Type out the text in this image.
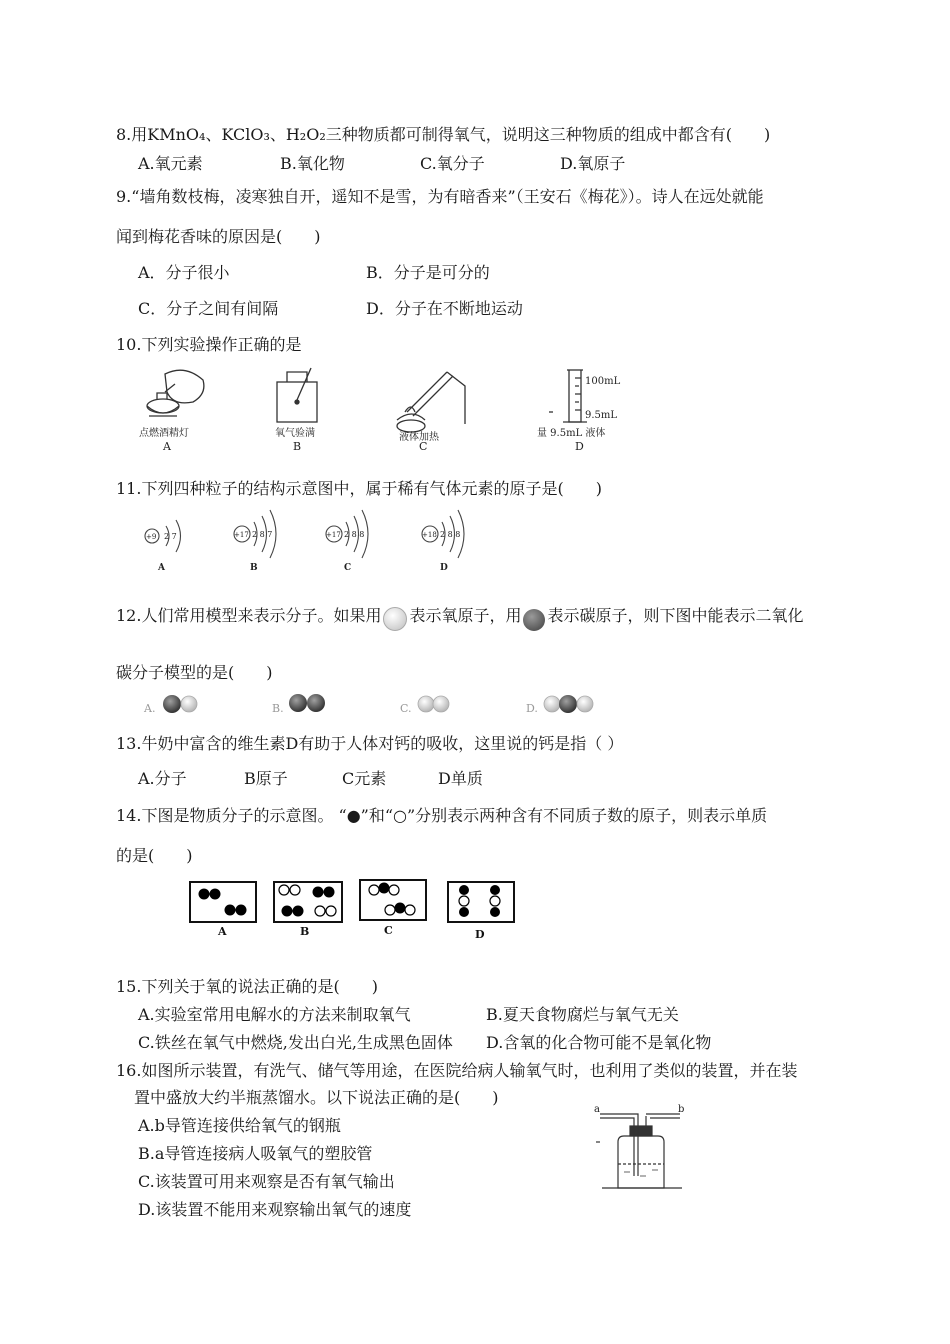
8.用KMnO₄、KClO₃、H₂O₂三种物质都可制得氧气，说明这三种物质的组成中都含有(　　)
A.氧元素	B.氧化物	C.氧分子	D.氧原子
9.“墙角数枝梅，凌寒独自开，遥知不是雪，为有暗香来”（王安石《梅花》）。诗人在远处就能
闻到梅花香味的原因是(　　)
A．分子很小	B．分子是可分的
C．分子之间有间隔	D．分子在不断地运动
10.下列实验操作正确的是
点燃酒精灯
A
氧气验满
B
液体加热
C
100mL
9.5mL
量 9.5mL 液体
D
11.下列四种粒子的结构示意图中，属于稀有气体元素的原子是(　　)
+9 2 7
A
+17 2 8 7
B
+17 2 8 8
C
+18 2 8 8
D
12.人们常用模型来表示分子。如果用 表示氧原子，用 表示碳原子，则下图中能表示二氧化
碳分子模型的是(　　)
A.	B.	C.	D.
13.牛奶中富含的维生素D有助于人体对钙的吸收，这里说的钙是指（ ）
A.分子	B原子	C元素	D单质
14.下图是物质分子的示意图。 “●”和“○”分别表示两种含有不同质子数的原子，则表示单质
的是(　　)
A	B	C	D
15.下列关于氧的说法正确的是(　　)
A.实验室常用电解水的方法来制取氧气	B.夏天食物腐烂与氧气无关
C.铁丝在氧气中燃烧,发出白光,生成黑色固体 D.含氧的化合物可能不是氧化物
16.如图所示装置，有洗气、储气等用途，在医院给病人输氧气时，也利用了类似的装置，并在装
置中盛放大约半瓶蒸馏水。以下说法正确的是(　　)
A.b导管连接供给氧气的钢瓶
B.a导管连接病人吸氧气的塑胶管
C.该装置可用来观察是否有氧气输出
D.该装置不能用来观察输出氧气的速度
a	b
